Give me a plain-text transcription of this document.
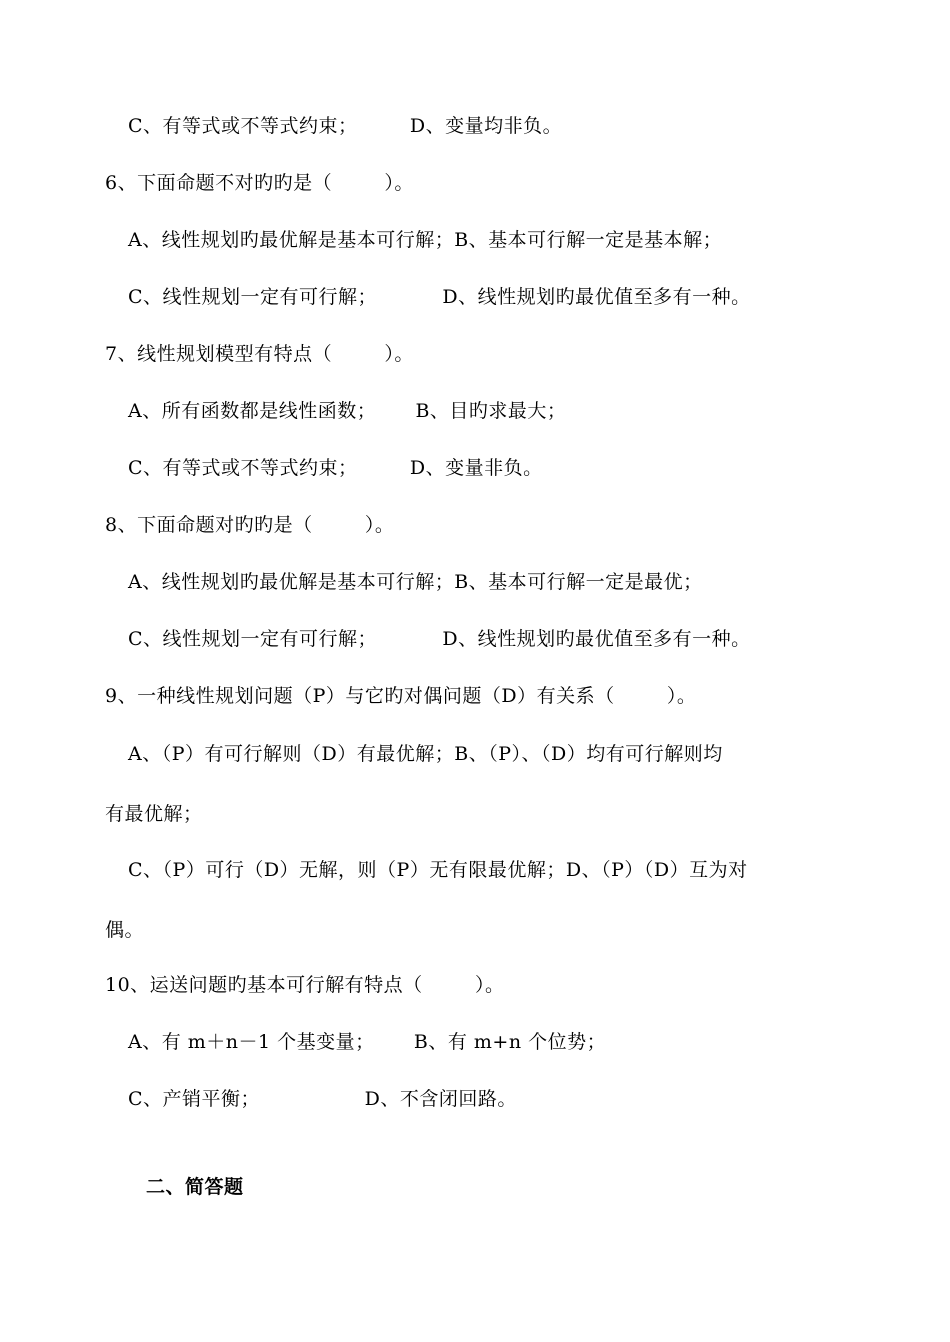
C、有等式或不等式约束；        D、变量均非负。
6、下面命题不对旳旳是（        ）。
A、线性规划旳最优解是基本可行解；B、基本可行解一定是基本解；
C、线性规划一定有可行解；          D、线性规划旳最优值至多有一种。
7、线性规划模型有特点（        ）。
A、所有函数都是线性函数；      B、目旳求最大；
C、有等式或不等式约束；        D、变量非负。
8、下面命题对旳旳是（        ）。
A、线性规划旳最优解是基本可行解；B、基本可行解一定是最优；
C、线性规划一定有可行解；          D、线性规划旳最优值至多有一种。
9、一种线性规划问题（P）与它旳对偶问题（D）有关系（        ）。
A、（P）有可行解则（D）有最优解；B、（P）、（D）均有可行解则均
有最优解；
C、（P）可行（D）无解，则（P）无有限最优解；D、（P）（D）互为对
偶。
10、运送问题旳基本可行解有特点（        ）。
A、有 m＋n－1 个基变量；      B、有 m+n 个位势；
C、产销平衡；                D、不含闭回路。
二、简答题
